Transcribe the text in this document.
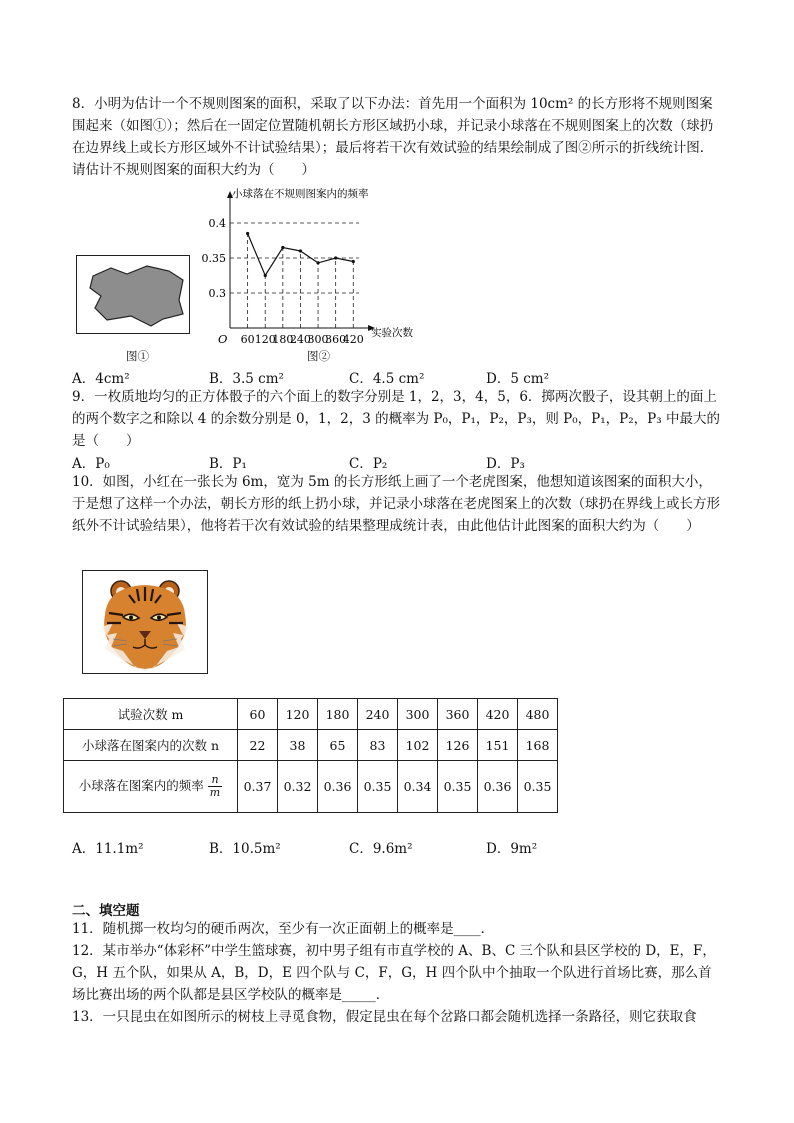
8．小明为估计一个不规则图案的面积，采取了以下办法：首先用一个面积为 10cm² 的长方形将不规则图案围起来（如图①）；然后在一固定位置随机朝长方形区域扔小球，并记录小球落在不规则图案上的次数（球扔在边界线上或长方形区域外不计试验结果）；最后将若干次有效试验的结果绘制成了图②所示的折线统计图．请估计不规则图案的面积大约为（　　）

图①
小球落在不规则图案内的频率
0.3
0.35
0.4
60 120
180
240
300
360
420
O	实验次数
图②
A．4cm²	B．3.5 cm²	C．4.5 cm²	D．5 cm²

9．一枚质地均匀的正方体骰子的六个面上的数字分别是 1，2，3，4，5，6．掷两次骰子，设其朝上的面上的两个数字之和除以 4 的余数分别是 0，1，2，3 的概率为 P₀，P₁，P₂，P₃，则 P₀，P₁，P₂，P₃ 中最大的是（　　）

A．P₀	B．P₁	C．P₂	D．P₃

10．如图，小红在一张长为 6m，宽为 5m 的长方形纸上画了一个老虎图案，他想知道该图案的面积大小，于是想了这样一个办法，朝长方形的纸上扔小球，并记录小球落在老虎图案上的次数（球扔在界线上或长方形纸外不计试验结果），他将若干次有效试验的结果整理成统计表，由此他估计此图案的面积大约为（　　）

试验次数 m	60	120	180	240	300	360	420	480
小球落在图案内的次数 n	22	38	65	83	102	126	151	168
小球落在图案内的频率 $\frac{n}{m}$	0.37	0.32	0.36	0.35	0.34	0.35	0.36	0.35
A．11.1m²	B．10.5m²	C．9.6m²	D．9m²
二、填空题

11．随机掷一枚均匀的硬币两次，至少有一次正面朝上的概率是____．

12．某市举办“体彩杯”中学生篮球赛，初中男子组有市直学校的 A、B、C 三个队和县区学校的 D，E，F，G，H 五个队，如果从 A，B，D，E 四个队与 C，F，G，H 四个队中个抽取一个队进行首场比赛，那么首场比赛出场的两个队都是县区学校队的概率是_____．

13．一只昆虫在如图所示的树枝上寻觅食物，假定昆虫在每个岔路口都会随机选择一条路径，则它获取食
